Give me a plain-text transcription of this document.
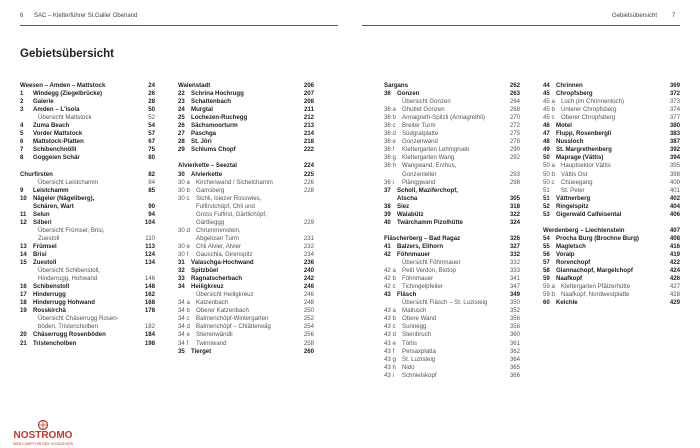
6 SAC – Kletterführer St.Galler Oberland	Gebietsübersicht 7
Gebietsübersicht
Weesen – Amden – Mattstock	24
1 Windegg (Ziegelbrücke)	26
2 Galerie	28
3 Amden – L'isola	50
Übersicht Mattstock	52
4 Zuma Beach	54
5 Vorder Mattstock	57
6 Mattstock-Platten	67
7 Schibenchnölli	75
8 Goggeien Schär	80
Churfirsten	82
Übersicht Leistchamm	84
9 Leistchamm	85
10 Nägeler (Nägeliberg),
Schären, Wart	90
11 Selun	94
12 Silberi	104
Übersicht Frümsel, Brisi,
Zuestoll	110
13 Frümsel	113
14 Brisi	124
15 Zuestoll	134
Übersicht Schibenstoll,
Hinderrugg, Hohwand	146
16 Schibenstoll	148
17 Hinderrugg	162
18 Hinderrugg Hohwand	168
19 Rosskirchä	178
Übersicht Chäserrugg Rosen-
böden, Tristencholben	182
20 Chäserrugg Rosenböden	184
21 Tristencholben	198
Walenstadt	206
22 Schrina Hochrugg	207
23 Schattenbach	208
24 Murgtal	211
25 Lochezen-Ruchegg	212
26 Sächsmoorturm	213
27 Paschga	214
28 St. Jöri	218
29 Schlums Chopf	222
Alvierkette – Seeztal	224
30 Alvierkette	225
30 a Kirchenwand / Sichelchamm	226
30 b Gamsberg	228
30 c Sichli, Isiezer Rosswies,
Fulfirstchöpf, Chli und
Gross Fulfirst, Gärtlichöpf,
Gärtlieggg	229
30 d Chrummenstein,
Abgeloser Turm	231
30 e Chli Alvier, Alvier	232
30 f Gauschla, Girenspitz	234
31 Valaschga-Hochwand	236
32 Spitzbüel	240
33 Ragnatscherbach	242
34 Heiligkreuz	246
Übersicht Heiligkreuz	246
34 a Katzenbach	248
34 b Oberer Katzenbach	250
34 c Balmenchöpf-Wintergarten	252
34 d Balmenchöpf – Chlätterwäg	254
34 e Stierenwändli	256
34 f Twirniwand	258
35 Tierget	260
Sargans	262
36 Gonzen	263
Übersicht Gonzen	264
36 a Ghutlet Gonzen	268
36 b Annagreth-Spitzli (Annagrethli)	270
36 c Breiter Turm	272
36 d Südgratplatte	275
36 e Gonzenwand	278
36 f Klettergarten Lehmgrueb	290
36 g Klettergarten Wang	292
36 h Wangwand, Erzhus,
Gonzenleiter	293
36 i Plänggwand	298
37 Scholl, Maziferchopf,
Atscha	305
38 Siez	318
39 Walabütz	322
40 Twärchamm Pizolhütte	324
Fläscherberg – Bad Ragaz	326
41 Balzers, Ellhorn	327
42 Föhnmauer	332
Übersicht Föhnmauer	332
42 a Petit Verdon, Biotop	333
42 b Föhnmauer	341
42 c Tichingelpfeiler	347
43 Fläsch	349
Übersicht Fläsch – St. Luzisteig	350
43 a Matlusch	352
43 b Obere Wand	356
43 c Sunnegg	358
43 d Steinbruch	360
43 e Törlis	361
43 f Persaxplatta	362
43 g St. Luzisteig	364
43 h Nido	365
43 i Schnielskopf	366
44 Chrinnen	369
45 Chropfsberg	372
45 a Loch (im Chrinnenloch)	373
45 b Unterer Chropfsberg	374
45 c Oberer Chropfsberg	377
46 Motel	380
47 Flupp, Rosenbergli	383
48 Nussloch	387
49 St. Margrethenberg	392
50 Maprage (Vättis)	394
50 a Hauptsektor Vättis	395
50 b Vättis Ost	398
50 c Chüeegang	400
51 St. Peter	401
51 Vättnerberg	402
52 Ringelspitz	404
53 Gigerwald Calfeisental	406
Werdenberg – Liechtenstein	407
54 Procha Burg (Brochne Burg)	408
55 Magletsch	416
56 Voralp	419
57 Rorenchopf	422
58 Glannachopf, Margelchopf	424
59 Naafkopf	426
59 a Klettergarten Pfälzerhütte	427
59 b Naafkopf, Nordwestplatte	428
60 Kelchle	429
NOSTROMO
WEB COMPTOIR DES VOYAGEURS
